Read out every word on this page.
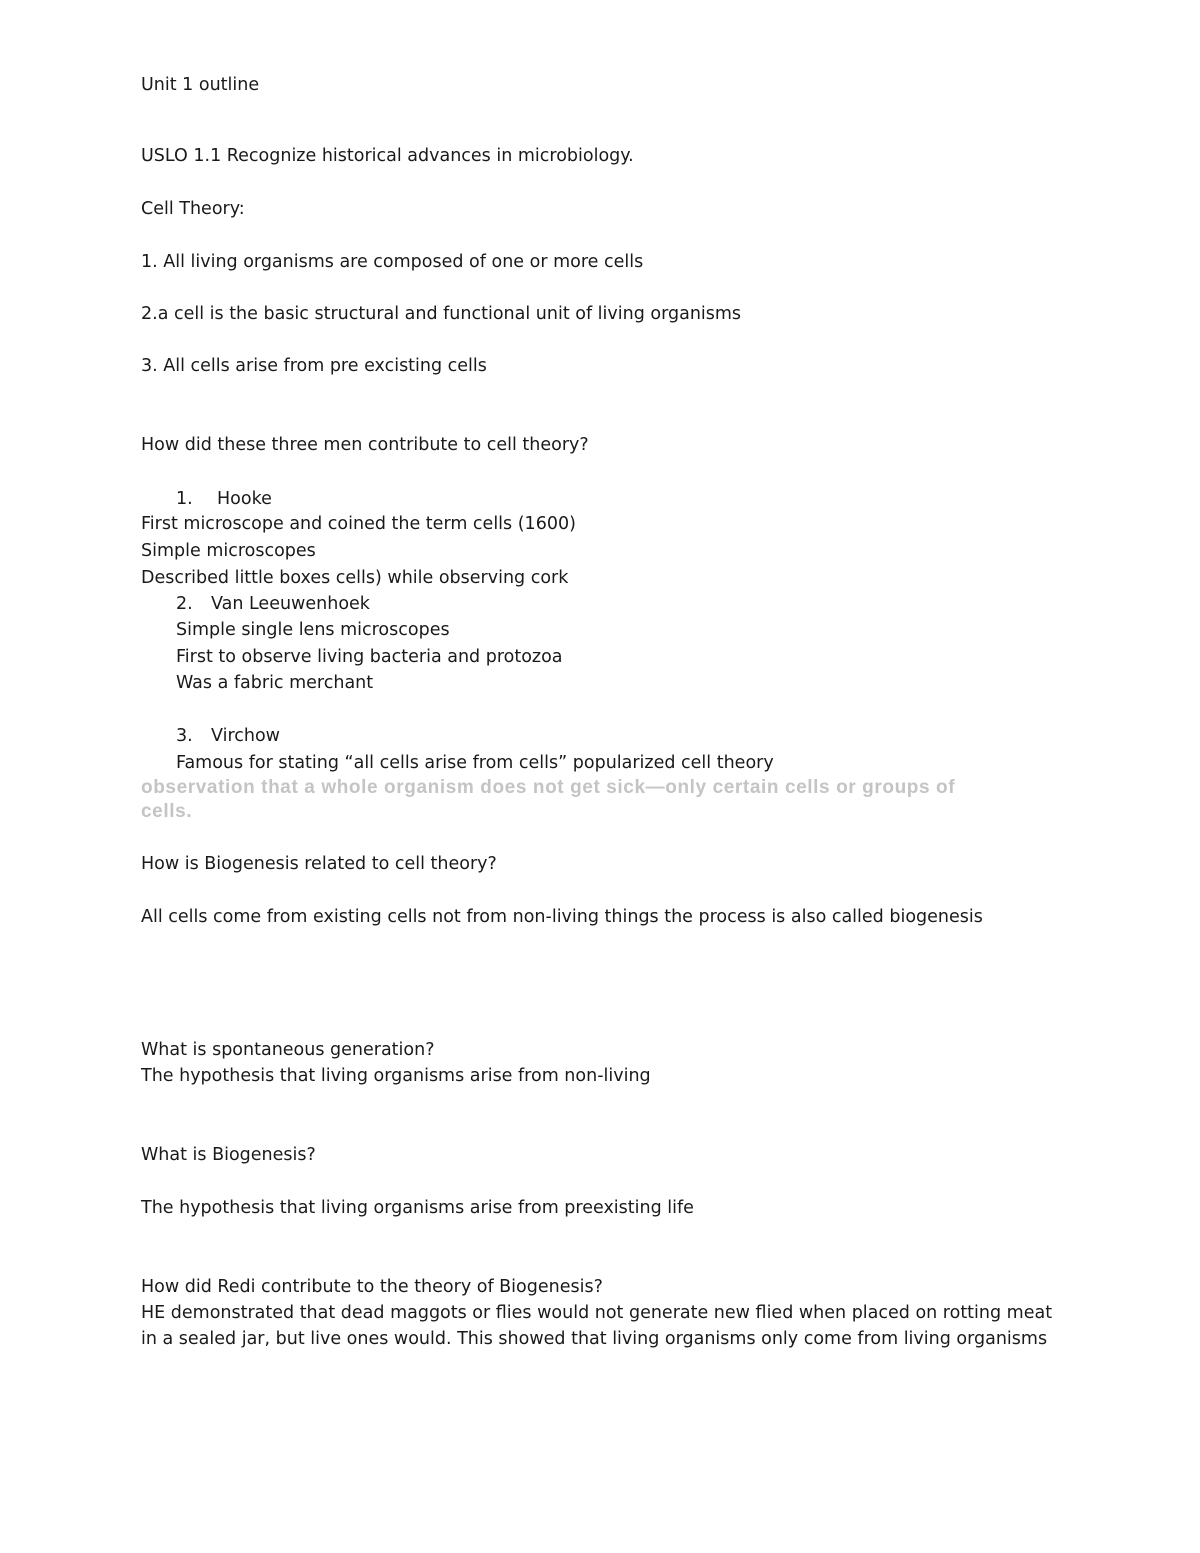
Unit 1 outline
USLO 1.1 Recognize historical advances in microbiology.
Cell Theory:
1. All living organisms are composed of one or more cells
2.a cell is the basic structural and functional unit of living organisms
3. All cells arise from pre excisting cells
How did these three men contribute to cell theory?
1. Hooke
First microscope and coined the term cells (1600)
Simple microscopes
Described little boxes cells) while observing cork
2. Van Leeuwenhoek
Simple single lens microscopes
First to observe living bacteria and protozoa
Was a fabric merchant
3. Virchow
Famous for stating “all cells arise from cells” popularized cell theory
observation that a whole organism does not get sick—only certain cells or groups of
cells.
How is Biogenesis related to cell theory?
All cells come from existing cells not from non-living things the process is also called biogenesis
What is spontaneous generation?
The hypothesis that living organisms arise from non-living
What is Biogenesis?
The hypothesis that living organisms arise from preexisting life
How did Redi contribute to the theory of Biogenesis?
HE demonstrated that dead maggots or flies would not generate new flied when placed on rotting meat
in a sealed jar, but live ones would. This showed that living organisms only come from living organisms
